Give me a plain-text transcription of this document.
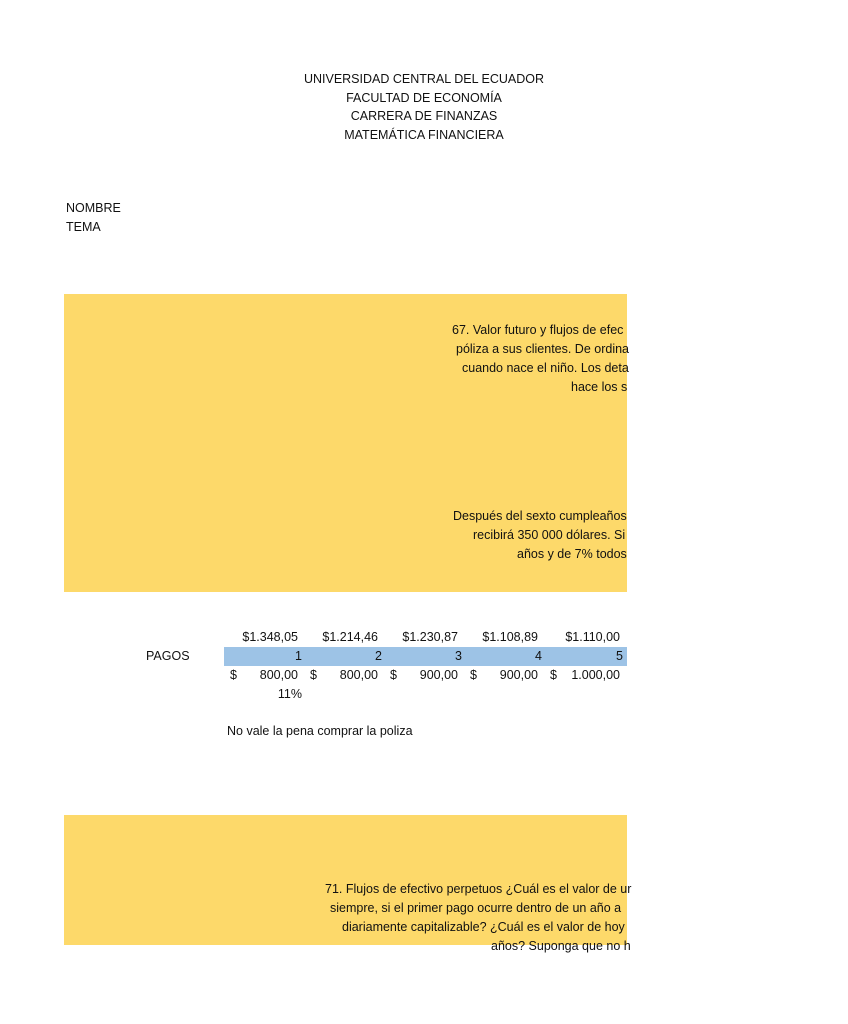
UNIVERSIDAD CENTRAL DEL ECUADOR
FACULTAD DE ECONOMÍA
CARRERA DE FINANZAS
MATEMÁTICA FINANCIERA
NOMBRE
TEMA

67. Valor futuro y flujos de efec

póliza a sus clientes. De ordina

cuando nace el niño. Los deta

hace los s

Después del sexto cumpleaños

recibirá 350 000 dólares. Si

años y de 7% todos

$1.348,05	$1.214,46	$1.230,87	$1.108,89	$1.110,00
PAGOS	1	2	3	4	5
$	800,00 $	800,00 $	900,00 $	900,00 $	1.000,00
11%
No vale la pena comprar la poliza

71. Flujos de efectivo perpetuos ¿Cuál es el valor de ur

siempre, si el primer pago ocurre dentro de un año a

diariamente capitalizable? ¿Cuál es el valor de hoy

años? Suponga que no h
